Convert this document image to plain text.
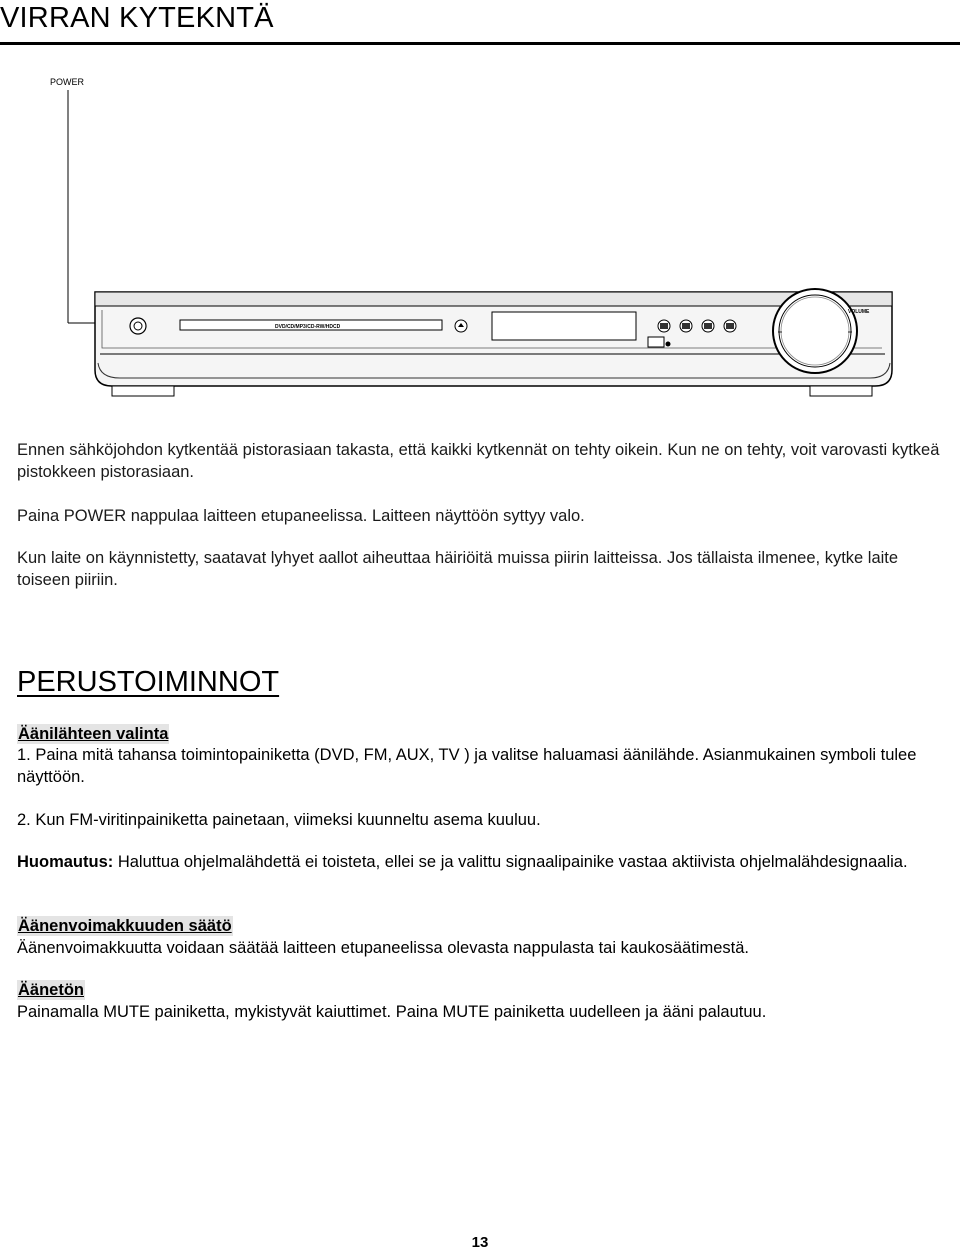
VIRRAN KYTEKNTÄ
POWER
DVD/CD/MP3/CD-RW/HDCD
VOLUME

Ennen sähköjohdon kytkentää pistorasiaan takasta, että kaikki kytkennät on tehty oikein. Kun ne on tehty, voit varovasti kytkeä pistokkeen pistorasiaan.

Paina POWER nappulaa laitteen etupaneelissa. Laitteen näyttöön syttyy valo.

Kun laite on käynnistetty, saatavat lyhyet aallot aiheuttaa häiriöitä muissa piirin laitteissa. Jos tällaista ilmenee, kytke laite toiseen piiriin.

PERUSTOIMINNOT
Äänilähteen valinta

1. Paina mitä tahansa toimintopainiketta (DVD, FM, AUX, TV ) ja valitse haluamasi äänilähde. Asianmukainen symboli tulee näyttöön.

2. Kun FM-viritinpainiketta painetaan, viimeksi kuunneltu asema kuuluu.

Huomautus: Haluttua ohjelmalähdettä ei toisteta, ellei se ja valittu signaalipainike vastaa aktiivista ohjelmalähdesignaalia.

Äänenvoimakkuuden säätö

Äänenvoimakkuutta voidaan säätää laitteen etupaneelissa olevasta nappulasta tai kaukosäätimestä.

Äänetön

Painamalla MUTE painiketta, mykistyvät kaiuttimet. Paina MUTE painiketta uudelleen ja ääni palautuu.

13
